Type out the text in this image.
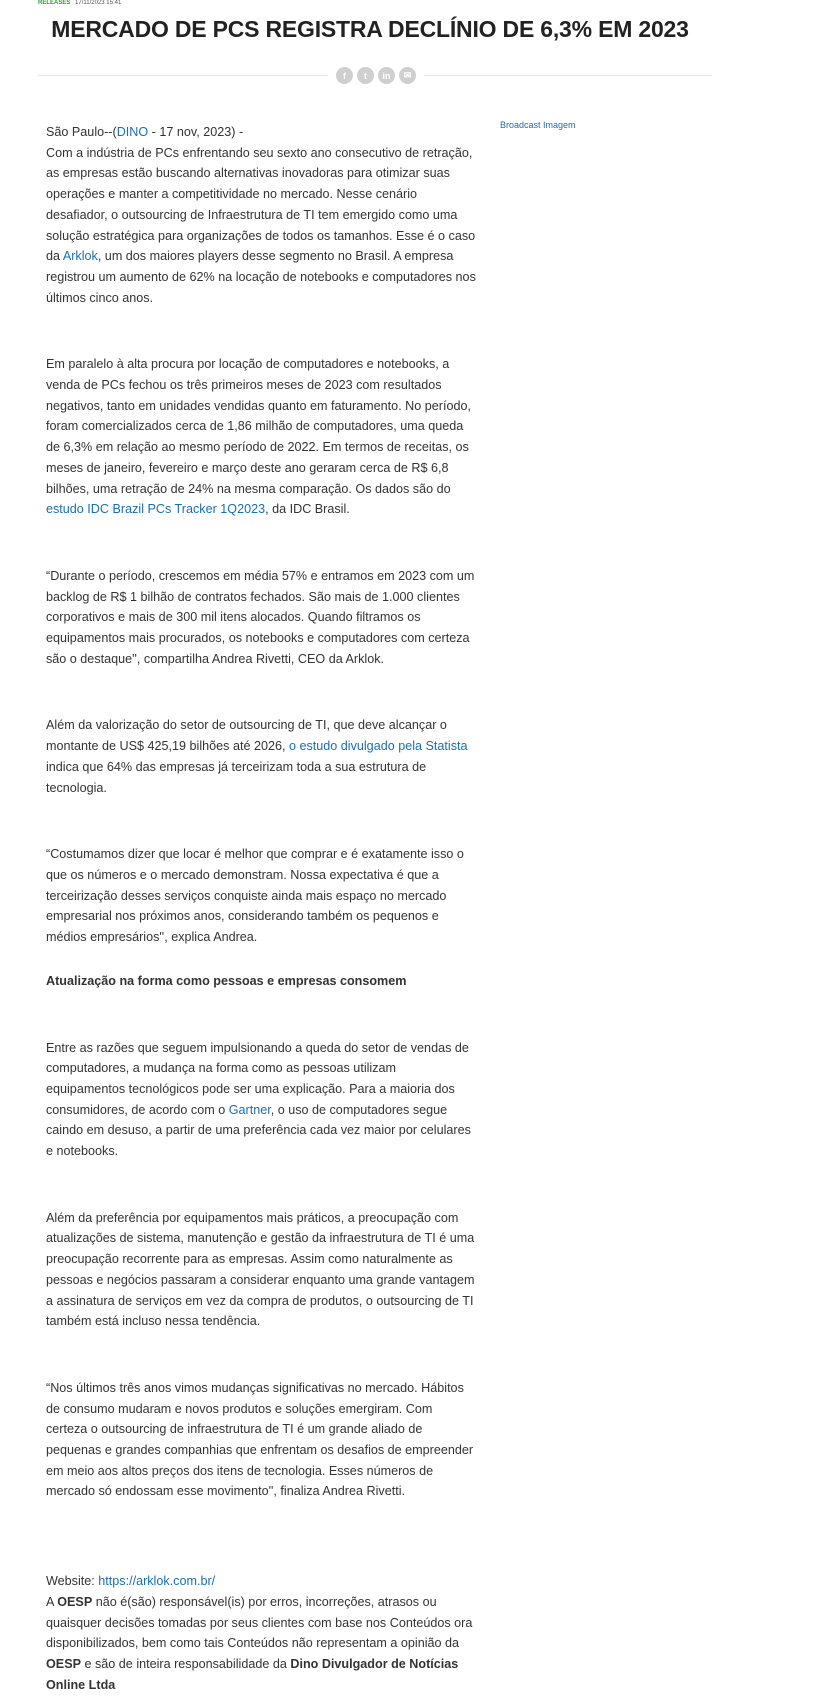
RELEASES 17/11/2023 15:41
MERCADO DE PCS REGISTRA DECLÍNIO DE 6,3% EM 2023
f	t	in	✉
Broadcast Imagem

São Paulo--(DINO - 17 nov, 2023) -

Com a indústria de PCs enfrentando seu sexto ano consecutivo de retração, as empresas estão buscando alternativas inovadoras para otimizar suas operações e manter a competitividade no mercado. Nesse cenário desafiador, o outsourcing de Infraestrutura de TI tem emergido como uma solução estratégica para organizações de todos os tamanhos. Esse é o caso da Arklok, um dos maiores players desse segmento no Brasil. A empresa registrou um aumento de 62% na locação de notebooks e computadores nos últimos cinco anos.

Em paralelo à alta procura por locação de computadores e notebooks, a venda de PCs fechou os três primeiros meses de 2023 com resultados negativos, tanto em unidades vendidas quanto em faturamento. No período, foram comercializados cerca de 1,86 milhão de computadores, uma queda de 6,3% em relação ao mesmo período de 2022. Em termos de receitas, os meses de janeiro, fevereiro e março deste ano geraram cerca de R$ 6,8 bilhões, uma retração de 24% na mesma comparação. Os dados são do estudo IDC Brazil PCs Tracker 1Q2023, da IDC Brasil.

“Durante o período, crescemos em média 57% e entramos em 2023 com um backlog de R$ 1 bilhão de contratos fechados. São mais de 1.000 clientes corporativos e mais de 300 mil itens alocados. Quando filtramos os equipamentos mais procurados, os notebooks e computadores com certeza são o destaque'', compartilha Andrea Rivetti, CEO da Arklok.

Além da valorização do setor de outsourcing de TI, que deve alcançar o montante de US$ 425,19 bilhões até 2026, o estudo divulgado pela Statista indica que 64% das empresas já terceirizam toda a sua estrutura de tecnologia.

“Costumamos dizer que locar é melhor que comprar e é exatamente isso o que os números e o mercado demonstram. Nossa expectativa é que a terceirização desses serviços conquiste ainda mais espaço no mercado empresarial nos próximos anos, considerando também os pequenos e médios empresários'', explica Andrea.

Atualização na forma como pessoas e empresas consomem

Entre as razões que seguem impulsionando a queda do setor de vendas de computadores, a mudança na forma como as pessoas utilizam equipamentos tecnológicos pode ser uma explicação. Para a maioria dos consumidores, de acordo com o Gartner, o uso de computadores segue caindo em desuso, a partir de uma preferência cada vez maior por celulares e notebooks.

Além da preferência por equipamentos mais práticos, a preocupação com atualizações de sistema, manutenção e gestão da infraestrutura de TI é uma preocupação recorrente para as empresas. Assim como naturalmente as pessoas e negócios passaram a considerar enquanto uma grande vantagem a assinatura de serviços em vez da compra de produtos, o outsourcing de TI também está incluso nessa tendência.

“Nos últimos três anos vimos mudanças significativas no mercado. Hábitos de consumo mudaram e novos produtos e soluções emergiram. Com certeza o outsourcing de infraestrutura de TI é um grande aliado de pequenas e grandes companhias que enfrentam os desafios de empreender em meio aos altos preços dos itens de tecnologia. Esses números de mercado só endossam esse movimento'', finaliza Andrea Rivetti.

Website: https://arklok.com.br/

A OESP não é(são) responsável(is) por erros, incorreções, atrasos ou quaisquer decisões tomadas por seus clientes com base nos Conteúdos ora disponibilizados, bem como tais Conteúdos não representam a opinião da OESP e são de inteira responsabilidade da Dino Divulgador de Notícias Online Ltda
